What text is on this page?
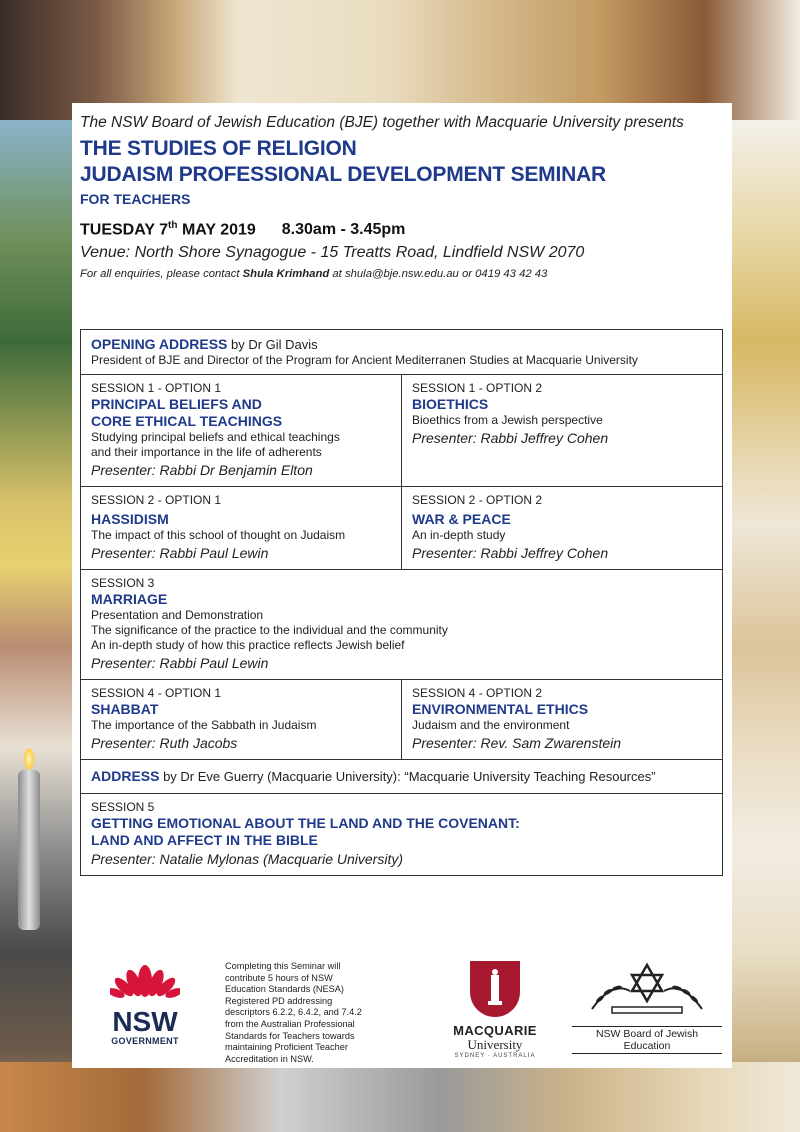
The NSW Board of Jewish Education (BJE) together with Macquarie University presents
THE STUDIES OF RELIGION
JUDAISM PROFESSIONAL DEVELOPMENT SEMINAR
FOR TEACHERS
TUESDAY 7th MAY 2019 8.30am - 3.45pm
Venue: North Shore Synagogue - 15 Treatts Road, Lindfield NSW 2070
For all enquiries, please contact Shula Krimhand at shula@bje.nsw.edu.au or 0419 43 42 43
OPENING ADDRESS by Dr Gil Davis
President of BJE and Director of the Program for Ancient Mediterranen Studies at Macquarie University
SESSION 1 - OPTION 1
PRINCIPAL BELIEFS AND
CORE ETHICAL TEACHINGS
Studying principal beliefs and ethical teachings
and their importance in the life of adherents
Presenter: Rabbi Dr Benjamin Elton
SESSION 1 - OPTION 2
BIOETHICS
Bioethics from a Jewish perspective
Presenter: Rabbi Jeffrey Cohen
SESSION 2 - OPTION 1
HASSIDISM
The impact of this school of thought on Judaism
Presenter: Rabbi Paul Lewin
SESSION 2 - OPTION 2
WAR & PEACE
An in-depth study
Presenter: Rabbi Jeffrey Cohen
SESSION 3
MARRIAGE
Presentation and Demonstration
The significance of the practice to the individual and the community
An in-depth study of how this practice reflects Jewish belief
Presenter: Rabbi Paul Lewin
SESSION 4 - OPTION 1
SHABBAT
The importance of the Sabbath in Judaism
Presenter: Ruth Jacobs
SESSION 4 - OPTION 2
ENVIRONMENTAL ETHICS
Judaism and the environment
Presenter: Rev. Sam Zwarenstein
ADDRESS by Dr Eve Guerry (Macquarie University): “Macquarie University Teaching Resources”
SESSION 5
GETTING EMOTIONAL ABOUT THE LAND AND THE COVENANT:
LAND AND AFFECT IN THE BIBLE
Presenter: Natalie Mylonas (Macquarie University)
NSW
GOVERNMENT
Completing this Seminar will contribute 5 hours of NSW Education Standards (NESA) Registered PD addressing descriptors 6.2.2, 6.4.2, and 7.4.2 from the Australian Professional Standards for Teachers towards maintaining Proficient Teacher Accreditation in NSW.
MACQUARIE
University
SYDNEY · AUSTRALIA
NSW Board of Jewish Education
